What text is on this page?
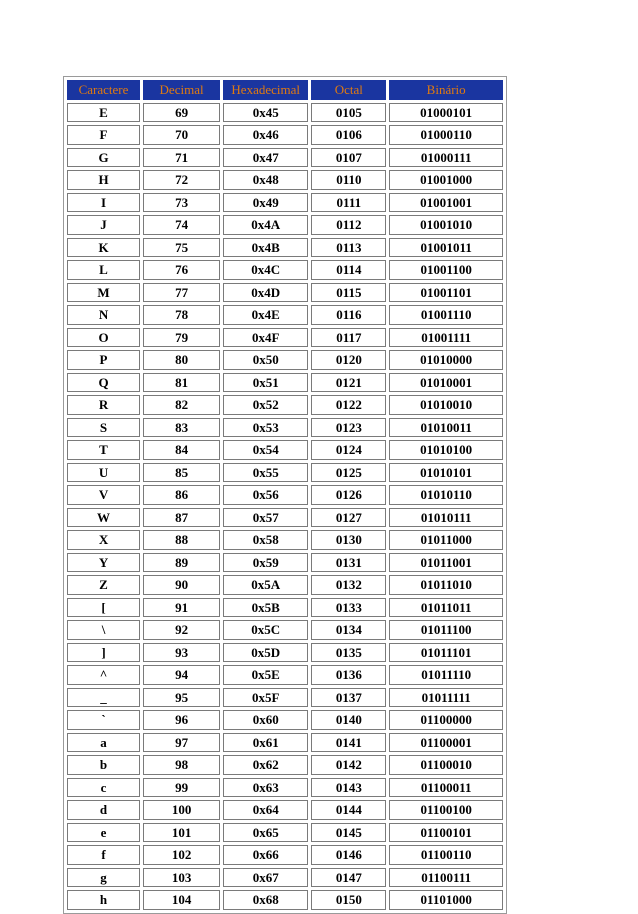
Caractere	Decimal	Hexadecimal	Octal	Binário
E	69	0x45	0105	01000101
F	70	0x46	0106	01000110
G	71	0x47	0107	01000111
H	72	0x48	0110	01001000
I	73	0x49	0111	01001001
J	74	0x4A	0112	01001010
K	75	0x4B	0113	01001011
L	76	0x4C	0114	01001100
M	77	0x4D	0115	01001101
N	78	0x4E	0116	01001110
O	79	0x4F	0117	01001111
P	80	0x50	0120	01010000
Q	81	0x51	0121	01010001
R	82	0x52	0122	01010010
S	83	0x53	0123	01010011
T	84	0x54	0124	01010100
U	85	0x55	0125	01010101
V	86	0x56	0126	01010110
W	87	0x57	0127	01010111
X	88	0x58	0130	01011000
Y	89	0x59	0131	01011001
Z	90	0x5A	0132	01011010
[	91	0x5B	0133	01011011
\	92	0x5C	0134	01011100
]	93	0x5D	0135	01011101
^	94	0x5E	0136	01011110
_	95	0x5F	0137	01011111
`	96	0x60	0140	01100000
a	97	0x61	0141	01100001
b	98	0x62	0142	01100010
c	99	0x63	0143	01100011
d	100	0x64	0144	01100100
e	101	0x65	0145	01100101
f	102	0x66	0146	01100110
g	103	0x67	0147	01100111
h	104	0x68	0150	01101000
